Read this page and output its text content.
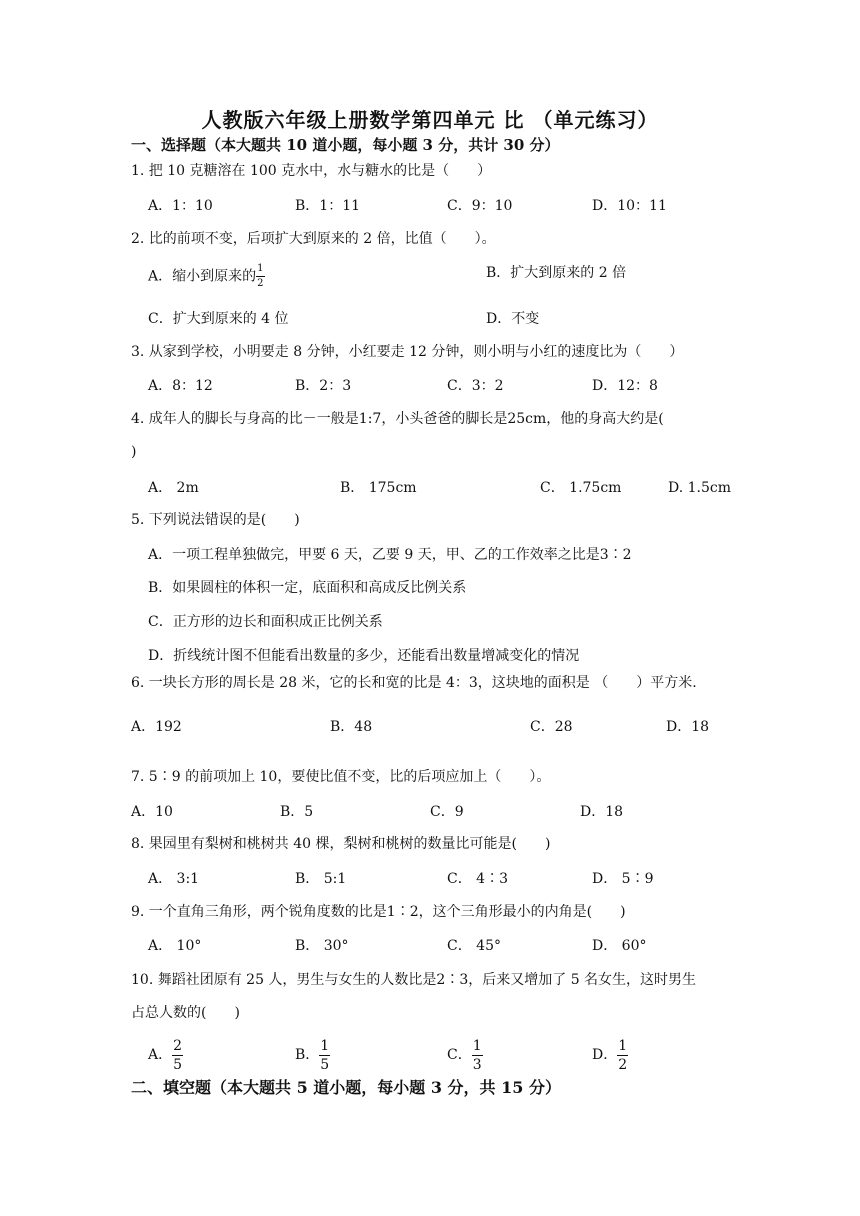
人教版六年级上册数学第四单元 比 （单元练习）
一、选择题（本大题共 10 道小题，每小题 3 分，共计 30 分）
1. 把 10 克糖溶在 100 克水中，水与糖水的比是（　　）
A．1：10	B．1：11	C．9：10	D．10：11
2. 比的前项不变，后项扩大到原来的 2 倍，比值（　　）。
A．缩小到原来的 $\frac{1}{2}$	B．扩大到原来的 2 倍
C．扩大到原来的 4 位	D．不变
3. 从家到学校，小明要走 8 分钟，小红要走 12 分钟，则小明与小红的速度比为（　　）
A．8：12	B．2：3	C．3：2	D．12：8
4. 成年人的脚长与身高的比－一般是1:7，小头爸爸的脚长是25cm，他的身高大约是(
)
A． 2m	B． 175cm	C． 1.75cm	D. 1.5cm
5. 下列说法错误的是(　　)
A．一项工程单独做完，甲要 6 天，乙要 9 天，甲、乙的工作效率之比是3∶2
B．如果圆柱的体积一定，底面积和高成反比例关系
C．正方形的边长和面积成正比例关系
D．折线统计图不但能看出数量的多少，还能看出数量增减变化的情况
6. 一块长方形的周长是 28 米，它的长和宽的比是 4：3，这块地的面积是 （　　）平方米.
A．192	B．48	C．28	D．18
7. 5∶9 的前项加上 10，要使比值不变，比的后项应加上（　　）。
A．10	B．5	C．9	D．18
8. 果园里有梨树和桃树共 40 棵，梨树和桃树的数量比可能是(　　)
A． 3:1	B． 5:1	C． 4∶3	D． 5∶9
9. 一个直角三角形，两个锐角度数的比是1∶2，这个三角形最小的内角是(　　)
A． 10°	B． 30°	C． 45°	D． 60°
10. 舞蹈社团原有 25 人，男生与女生的人数比是2∶3，后来又增加了 5 名女生，这时男生
占总人数的(　　)
A． $\frac{2}{5}$	B． $\frac{1}{5}$	C． $\frac{1}{3}$	D． $\frac{1}{2}$
二、填空题（本大题共 5 道小题，每小题 3 分，共 15 分）
